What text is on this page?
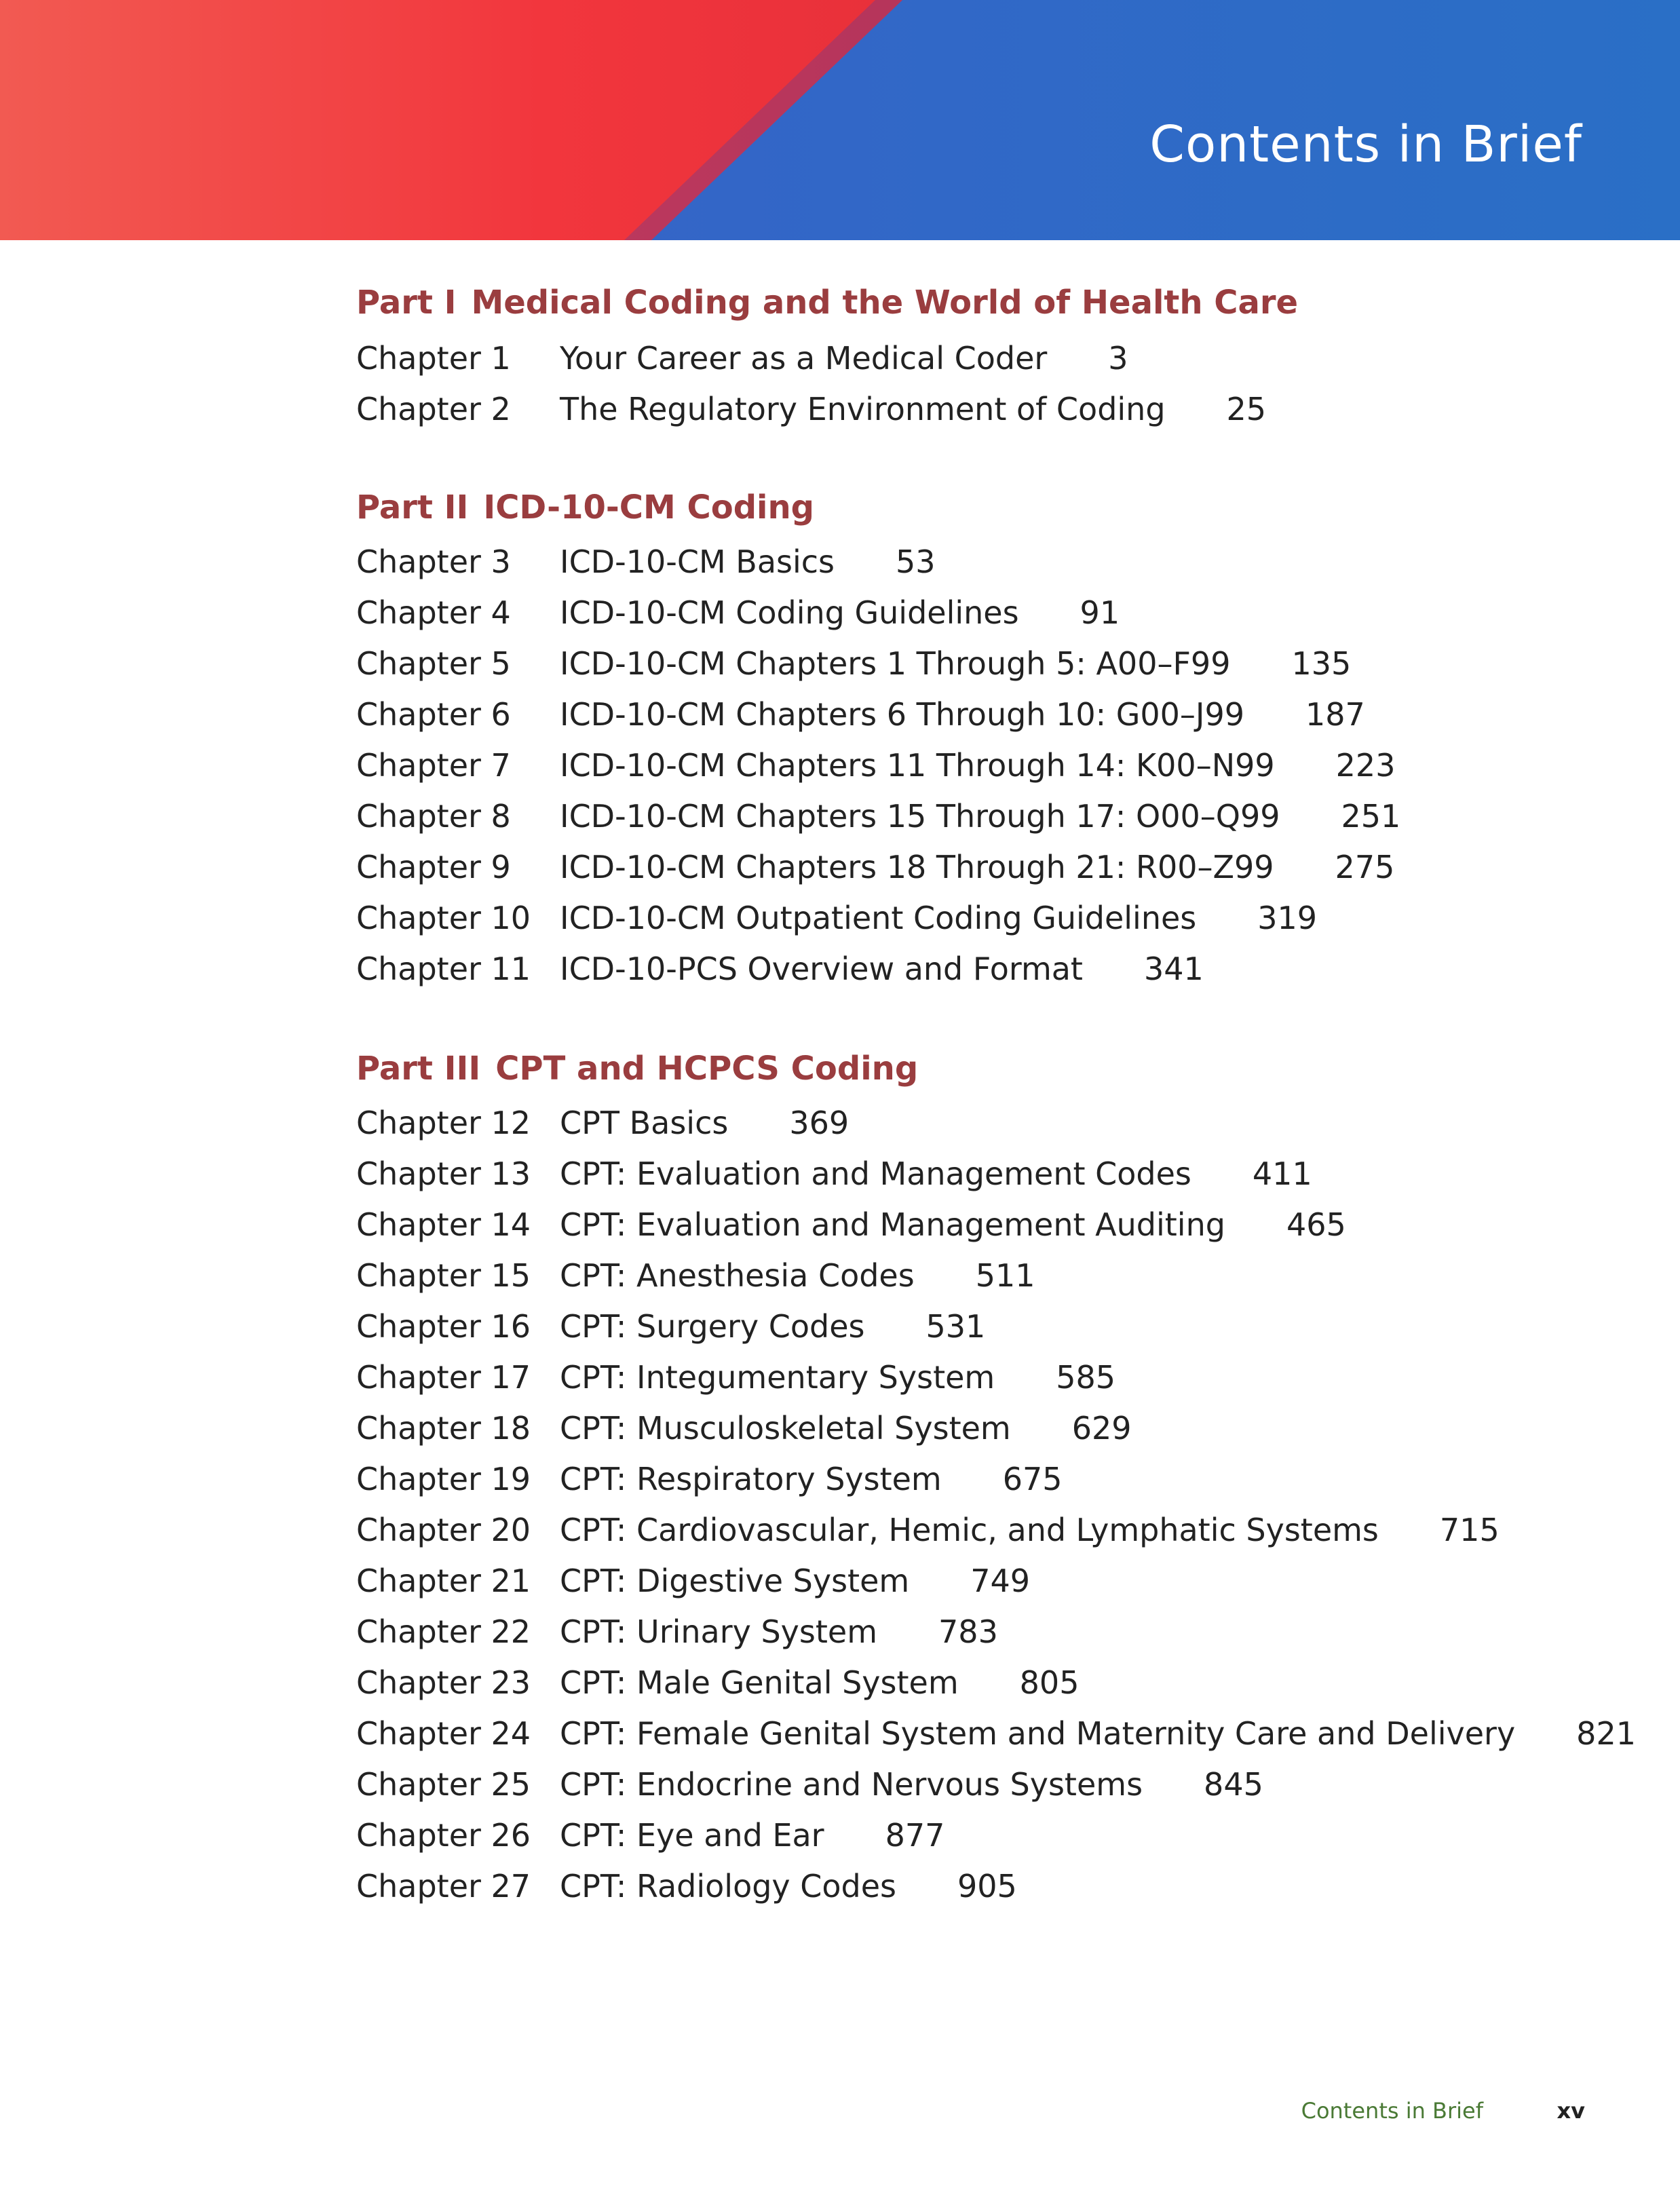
Contents in Brief
Part I Medical Coding and the World of Health Care
Chapter 1 Your Career as a Medical Coder 3
Chapter 2 The Regulatory Environment of Coding 25
Part II ICD-10-CM Coding
Chapter 3 ICD-10-CM Basics 53
Chapter 4 ICD-10-CM Coding Guidelines 91
Chapter 5 ICD-10-CM Chapters 1 Through 5: A00–F99 135
Chapter 6 ICD-10-CM Chapters 6 Through 10: G00–J99 187
Chapter 7 ICD-10-CM Chapters 11 Through 14: K00–N99 223
Chapter 8 ICD-10-CM Chapters 15 Through 17: O00–Q99 251
Chapter 9 ICD-10-CM Chapters 18 Through 21: R00–Z99 275
Chapter 10 ICD-10-CM Outpatient Coding Guidelines 319
Chapter 11 ICD-10-PCS Overview and Format 341
Part III CPT and HCPCS Coding
Chapter 12 CPT Basics 369
Chapter 13 CPT: Evaluation and Management Codes 411
Chapter 14 CPT: Evaluation and Management Auditing 465
Chapter 15 CPT: Anesthesia Codes 511
Chapter 16 CPT: Surgery Codes 531
Chapter 17 CPT: Integumentary System 585
Chapter 18 CPT: Musculoskeletal System 629
Chapter 19 CPT: Respiratory System 675
Chapter 20 CPT: Cardiovascular, Hemic, and Lymphatic Systems 715
Chapter 21 CPT: Digestive System 749
Chapter 22 CPT: Urinary System 783
Chapter 23 CPT: Male Genital System 805
Chapter 24 CPT: Female Genital System and Maternity Care and Delivery 821
Chapter 25 CPT: Endocrine and Nervous Systems 845
Chapter 26 CPT: Eye and Ear 877
Chapter 27 CPT: Radiology Codes 905
Contents in Brief	xv
